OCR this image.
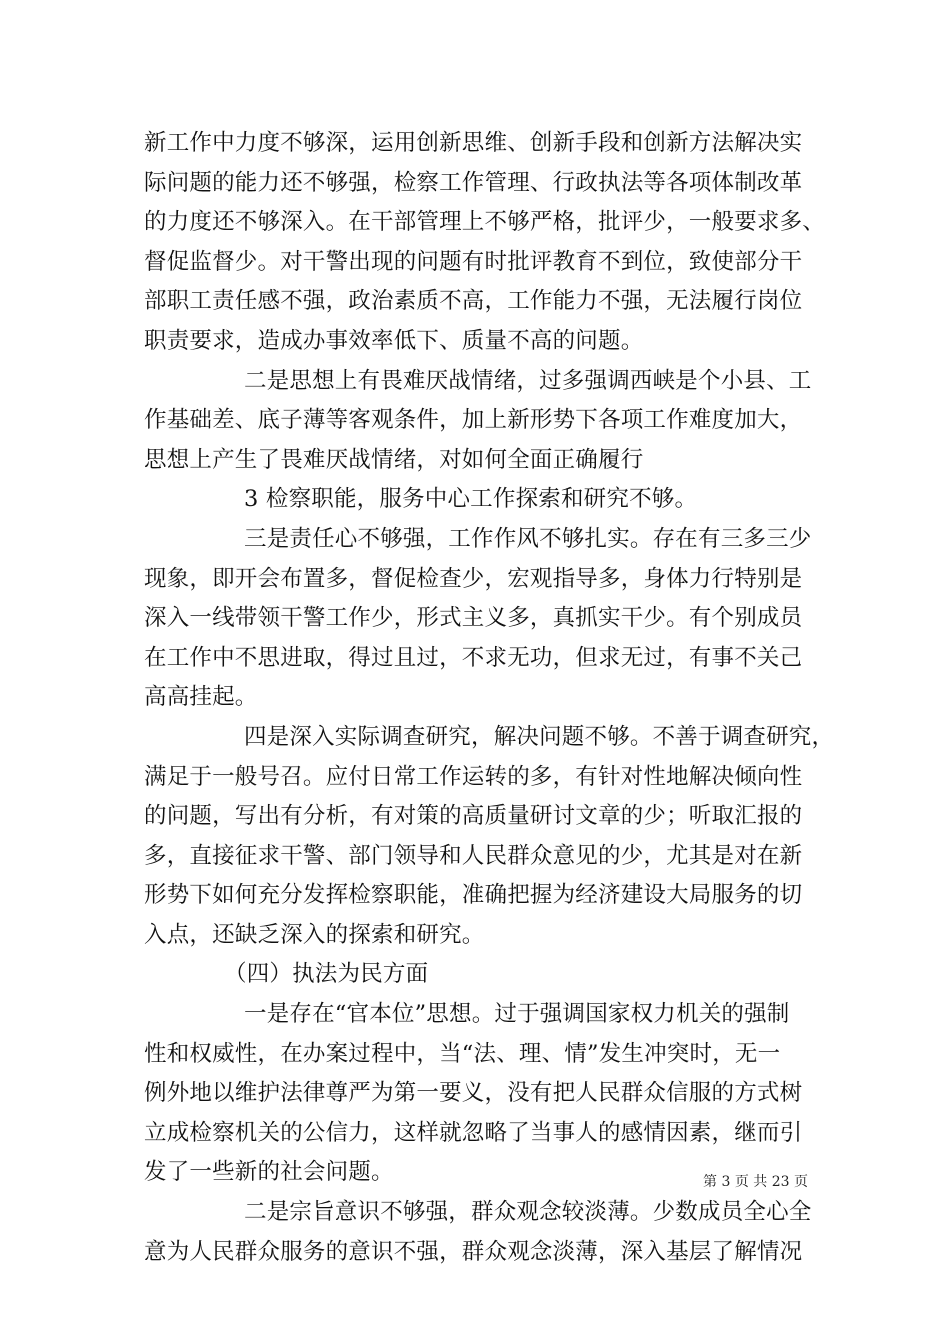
新工作中力度不够深，运用创新思维、创新手段和创新方法解决实
际问题的能力还不够强，检察工作管理、行政执法等各项体制改革
的力度还不够深入。在干部管理上不够严格，批评少，一般要求多、
督促监督少。对干警出现的问题有时批评教育不到位，致使部分干
部职工责任感不强，政治素质不高，工作能力不强，无法履行岗位
职责要求，造成办事效率低下、质量不高的问题。
二是思想上有畏难厌战情绪，过多强调西峡是个小县、工
作基础差、底子薄等客观条件，加上新形势下各项工作难度加大，
思想上产生了畏难厌战情绪，对如何全面正确履行
3 检察职能，服务中心工作探索和研究不够。
三是责任心不够强，工作作风不够扎实。存在有三多三少
现象，即开会布置多，督促检查少，宏观指导多，身体力行特别是
深入一线带领干警工作少，形式主义多，真抓实干少。有个别成员
在工作中不思进取，得过且过，不求无功，但求无过，有事不关己
高高挂起。
四是深入实际调查研究，解决问题不够。不善于调查研究，
满足于一般号召。应付日常工作运转的多，有针对性地解决倾向性
的问题，写出有分析，有对策的高质量研讨文章的少；听取汇报的
多，直接征求干警、部门领导和人民群众意见的少，尤其是对在新
形势下如何充分发挥检察职能，准确把握为经济建设大局服务的切
入点，还缺乏深入的探索和研究。
（四）执法为民方面
一是存在“官本位”思想。过于强调国家权力机关的强制
性和权威性，在办案过程中，当“法、理、情”发生冲突时，无一
例外地以维护法律尊严为第一要义，没有把人民群众信服的方式树
立成检察机关的公信力，这样就忽略了当事人的感情因素，继而引
发了一些新的社会问题。
二是宗旨意识不够强，群众观念较淡薄。少数成员全心全
意为人民群众服务的意识不强，群众观念淡薄，深入基层了解情况
第 3 页 共 23 页
